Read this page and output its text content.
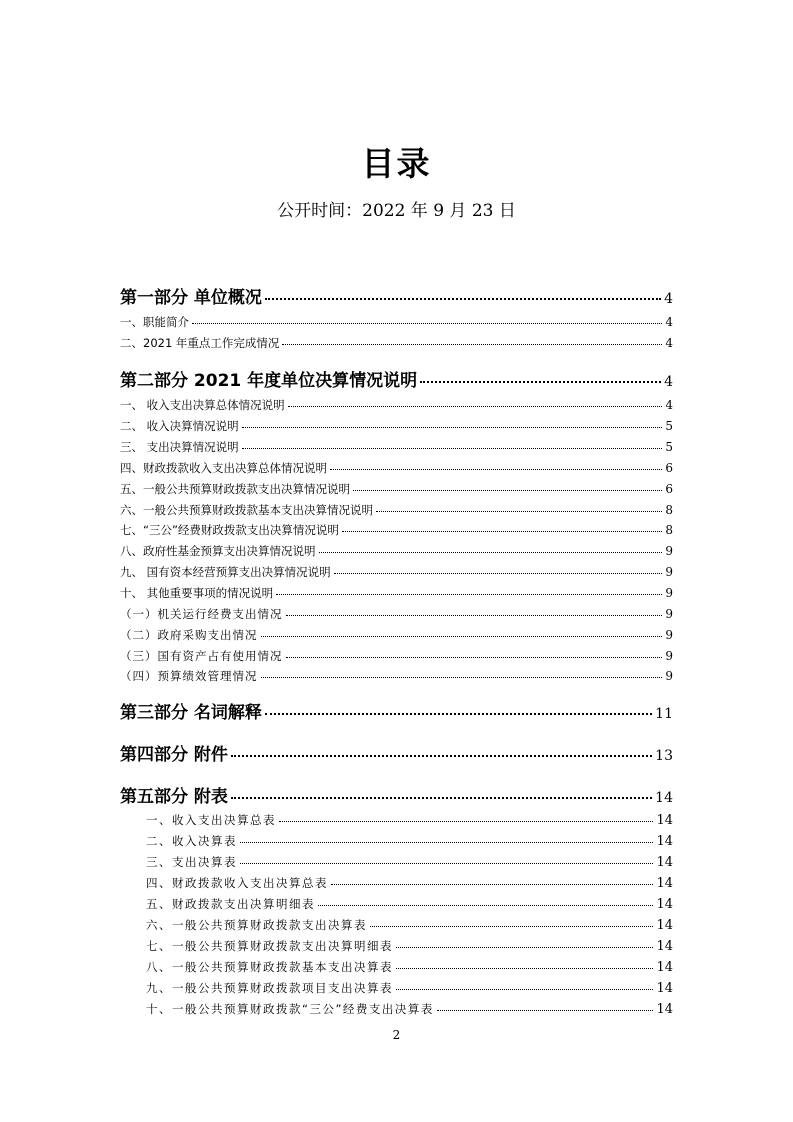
目录
公开时间：2022 年 9 月 23 日
第一部分 单位概况	4
一、职能简介	4
二、2021 年重点工作完成情况	4
第二部分 2021 年度单位决算情况说明	4
一、 收入支出决算总体情况说明	4
二、 收入决算情况说明	5
三、 支出决算情况说明	5
四、财政拨款收入支出决算总体情况说明	6
五、一般公共预算财政拨款支出决算情况说明	6
六、一般公共预算财政拨款基本支出决算情况说明	8
七、“三公”经费财政拨款支出决算情况说明	8
八、政府性基金预算支出决算情况说明	9
九、 国有资本经营预算支出决算情况说明	9
十、 其他重要事项的情况说明	9
（一）机关运行经费支出情况	9
（二）政府采购支出情况	9
（三）国有资产占有使用情况	9
（四）预算绩效管理情况	9
第三部分 名词解释	11
第四部分 附件	13
第五部分 附表	14
一、收入支出决算总表	14
二、收入决算表	14
三、支出决算表	14
四、财政拨款收入支出决算总表	14
五、财政拨款支出决算明细表	14
六、一般公共预算财政拨款支出决算表	14
七、一般公共预算财政拨款支出决算明细表	14
八、一般公共预算财政拨款基本支出决算表	14
九、一般公共预算财政拨款项目支出决算表	14
十、一般公共预算财政拨款“三公”经费支出决算表	14
2
